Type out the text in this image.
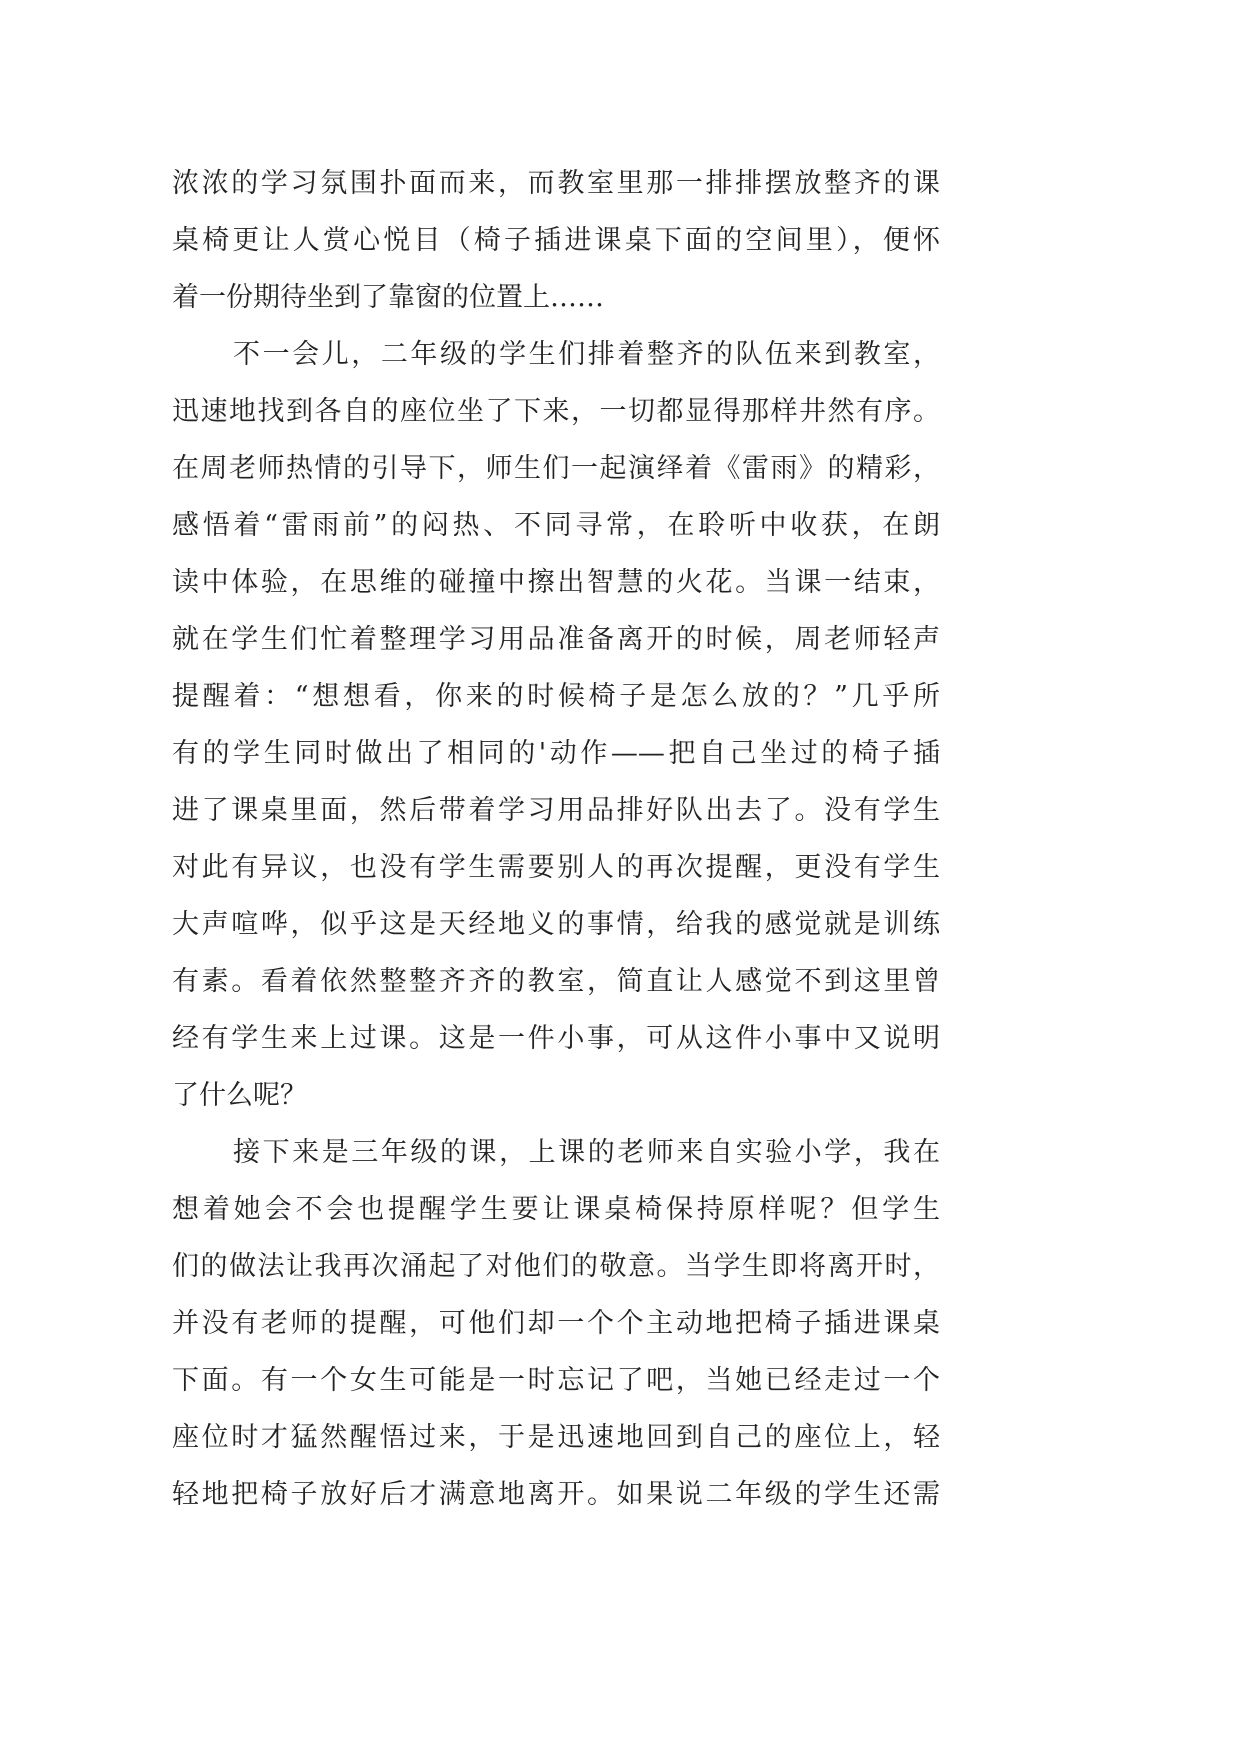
浓浓的学习氛围扑面而来，而教室里那一排排摆放整齐的课
桌椅更让人赏心悦目（椅子插进课桌下面的空间里），便怀
着一份期待坐到了靠窗的位置上……
不一会儿，二年级的学生们排着整齐的队伍来到教室，
迅速地找到各自的座位坐了下来，一切都显得那样井然有序。
在周老师热情的引导下，师生们一起演绎着《雷雨》的精彩，
感悟着“雷雨前”的闷热、不同寻常，在聆听中收获，在朗
读中体验，在思维的碰撞中擦出智慧的火花。当课一结束，
就在学生们忙着整理学习用品准备离开的时候，周老师轻声
提醒着：“想想看，你来的时候椅子是怎么放的？”几乎所
有的学生同时做出了相同的'动作——把自己坐过的椅子插
进了课桌里面，然后带着学习用品排好队出去了。没有学生
对此有异议，也没有学生需要别人的再次提醒，更没有学生
大声喧哗，似乎这是天经地义的事情，给我的感觉就是训练
有素。看着依然整整齐齐的教室，简直让人感觉不到这里曾
经有学生来上过课。这是一件小事，可从这件小事中又说明
了什么呢？
接下来是三年级的课，上课的老师来自实验小学，我在
想着她会不会也提醒学生要让课桌椅保持原样呢？但学生
们的做法让我再次涌起了对他们的敬意。当学生即将离开时，
并没有老师的提醒，可他们却一个个主动地把椅子插进课桌
下面。有一个女生可能是一时忘记了吧，当她已经走过一个
座位时才猛然醒悟过来，于是迅速地回到自己的座位上，轻
轻地把椅子放好后才满意地离开。如果说二年级的学生还需
